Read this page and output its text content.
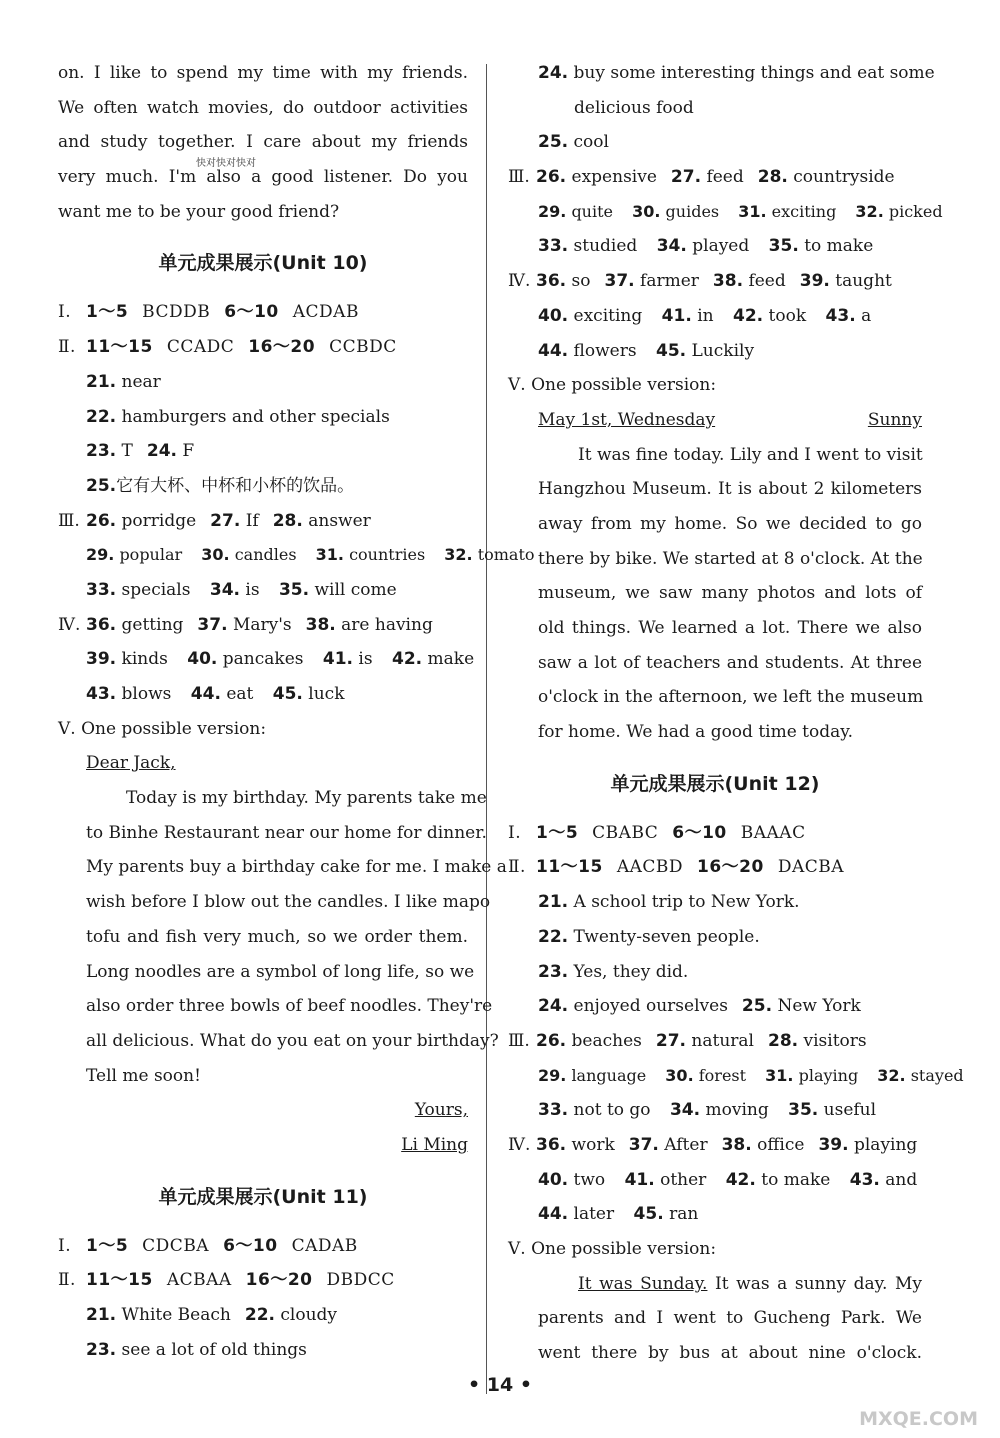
on. I like to spend my time with my friends.
We often watch movies, do outdoor activities
and study together. I care about my friends
very much. I'm also a good listener. Do you
want me to be your good friend?
单元成果展示(Unit 10)
Ⅰ. 1～5 BCDDB 6～10 ACDAB
Ⅱ. 11～15 CCADC 16～20 CCBDC
21. near
22. hamburgers and other specials
23. T 24. F
25.它有大杯、中杯和小杯的饮品。
Ⅲ. 26.
porridge 27.
If 28.
answer
29. popular 30. candles 31. countries 32. tomato
33. specials 34. is 35. will come
Ⅳ. 36.
getting 37.
Mary's 38.
are having
39. kinds 40. pancakes 41. is 42. make
43. blows 44. eat 45. luck
Ⅴ. One possible version:
Dear Jack,
Today is my birthday. My parents take me
to Binhe Restaurant near our home for dinner.
My parents buy a birthday cake for me. I make a
wish before I blow out the candles. I like mapo
tofu and fish very much, so we order them.
Long noodles are a symbol of long life, so we
also order three bowls of beef noodles. They're
all delicious. What do you eat on your birthday?
Tell me soon!
Yours,
Li Ming
单元成果展示(Unit 11)
Ⅰ. 1～5 CDCBA 6～10 CADAB
Ⅱ. 11～15 ACBAA 16～20 DBDCC
21. White Beach 22. cloudy
23. see a lot of old things
快对快对快对
24. buy some interesting things and eat some
delicious food
25. cool
Ⅲ. 26.
expensive 27.
feed 28.
countryside
29. quite 30. guides 31. exciting 32. picked
33. studied 34. played 35. to make
Ⅳ. 36.
so 37.
farmer 38.
feed 39.
taught
40. exciting 41. in 42. took 43. a
44. flowers 45. Luckily
Ⅴ. One possible version:
May 1st, Wednesday	Sunny
It was fine today. Lily and I went to visit
Hangzhou Museum. It is about 2 kilometers
away from my home. So we decided to go
there by bike. We started at 8 o'clock. At the
museum, we saw many photos and lots of
old things. We learned a lot. There we also
saw a lot of teachers and students. At three
o'clock in the afternoon, we left the museum
for home. We had a good time today.
单元成果展示(Unit 12)
Ⅰ. 1～5 CBABC 6～10 BAAAC
Ⅱ. 11～15 AACBD 16～20 DACBA
21. A school trip to New York.
22. Twenty-seven people.
23. Yes, they did.
24. enjoyed ourselves 25. New York
Ⅲ. 26.
beaches 27.
natural 28.
visitors
29. language 30. forest 31. playing 32. stayed
33. not to go 34. moving 35. useful
Ⅳ. 36.
work 37.
After 38.
office 39.
playing
40. two 41. other 42. to make 43. and
44. later 45. ran
Ⅴ. One possible version:
It was Sunday. It was a sunny day. My
parents and I went to Gucheng Park. We
went there by bus at about nine o'clock.
• 14 •
MXQE.COM
